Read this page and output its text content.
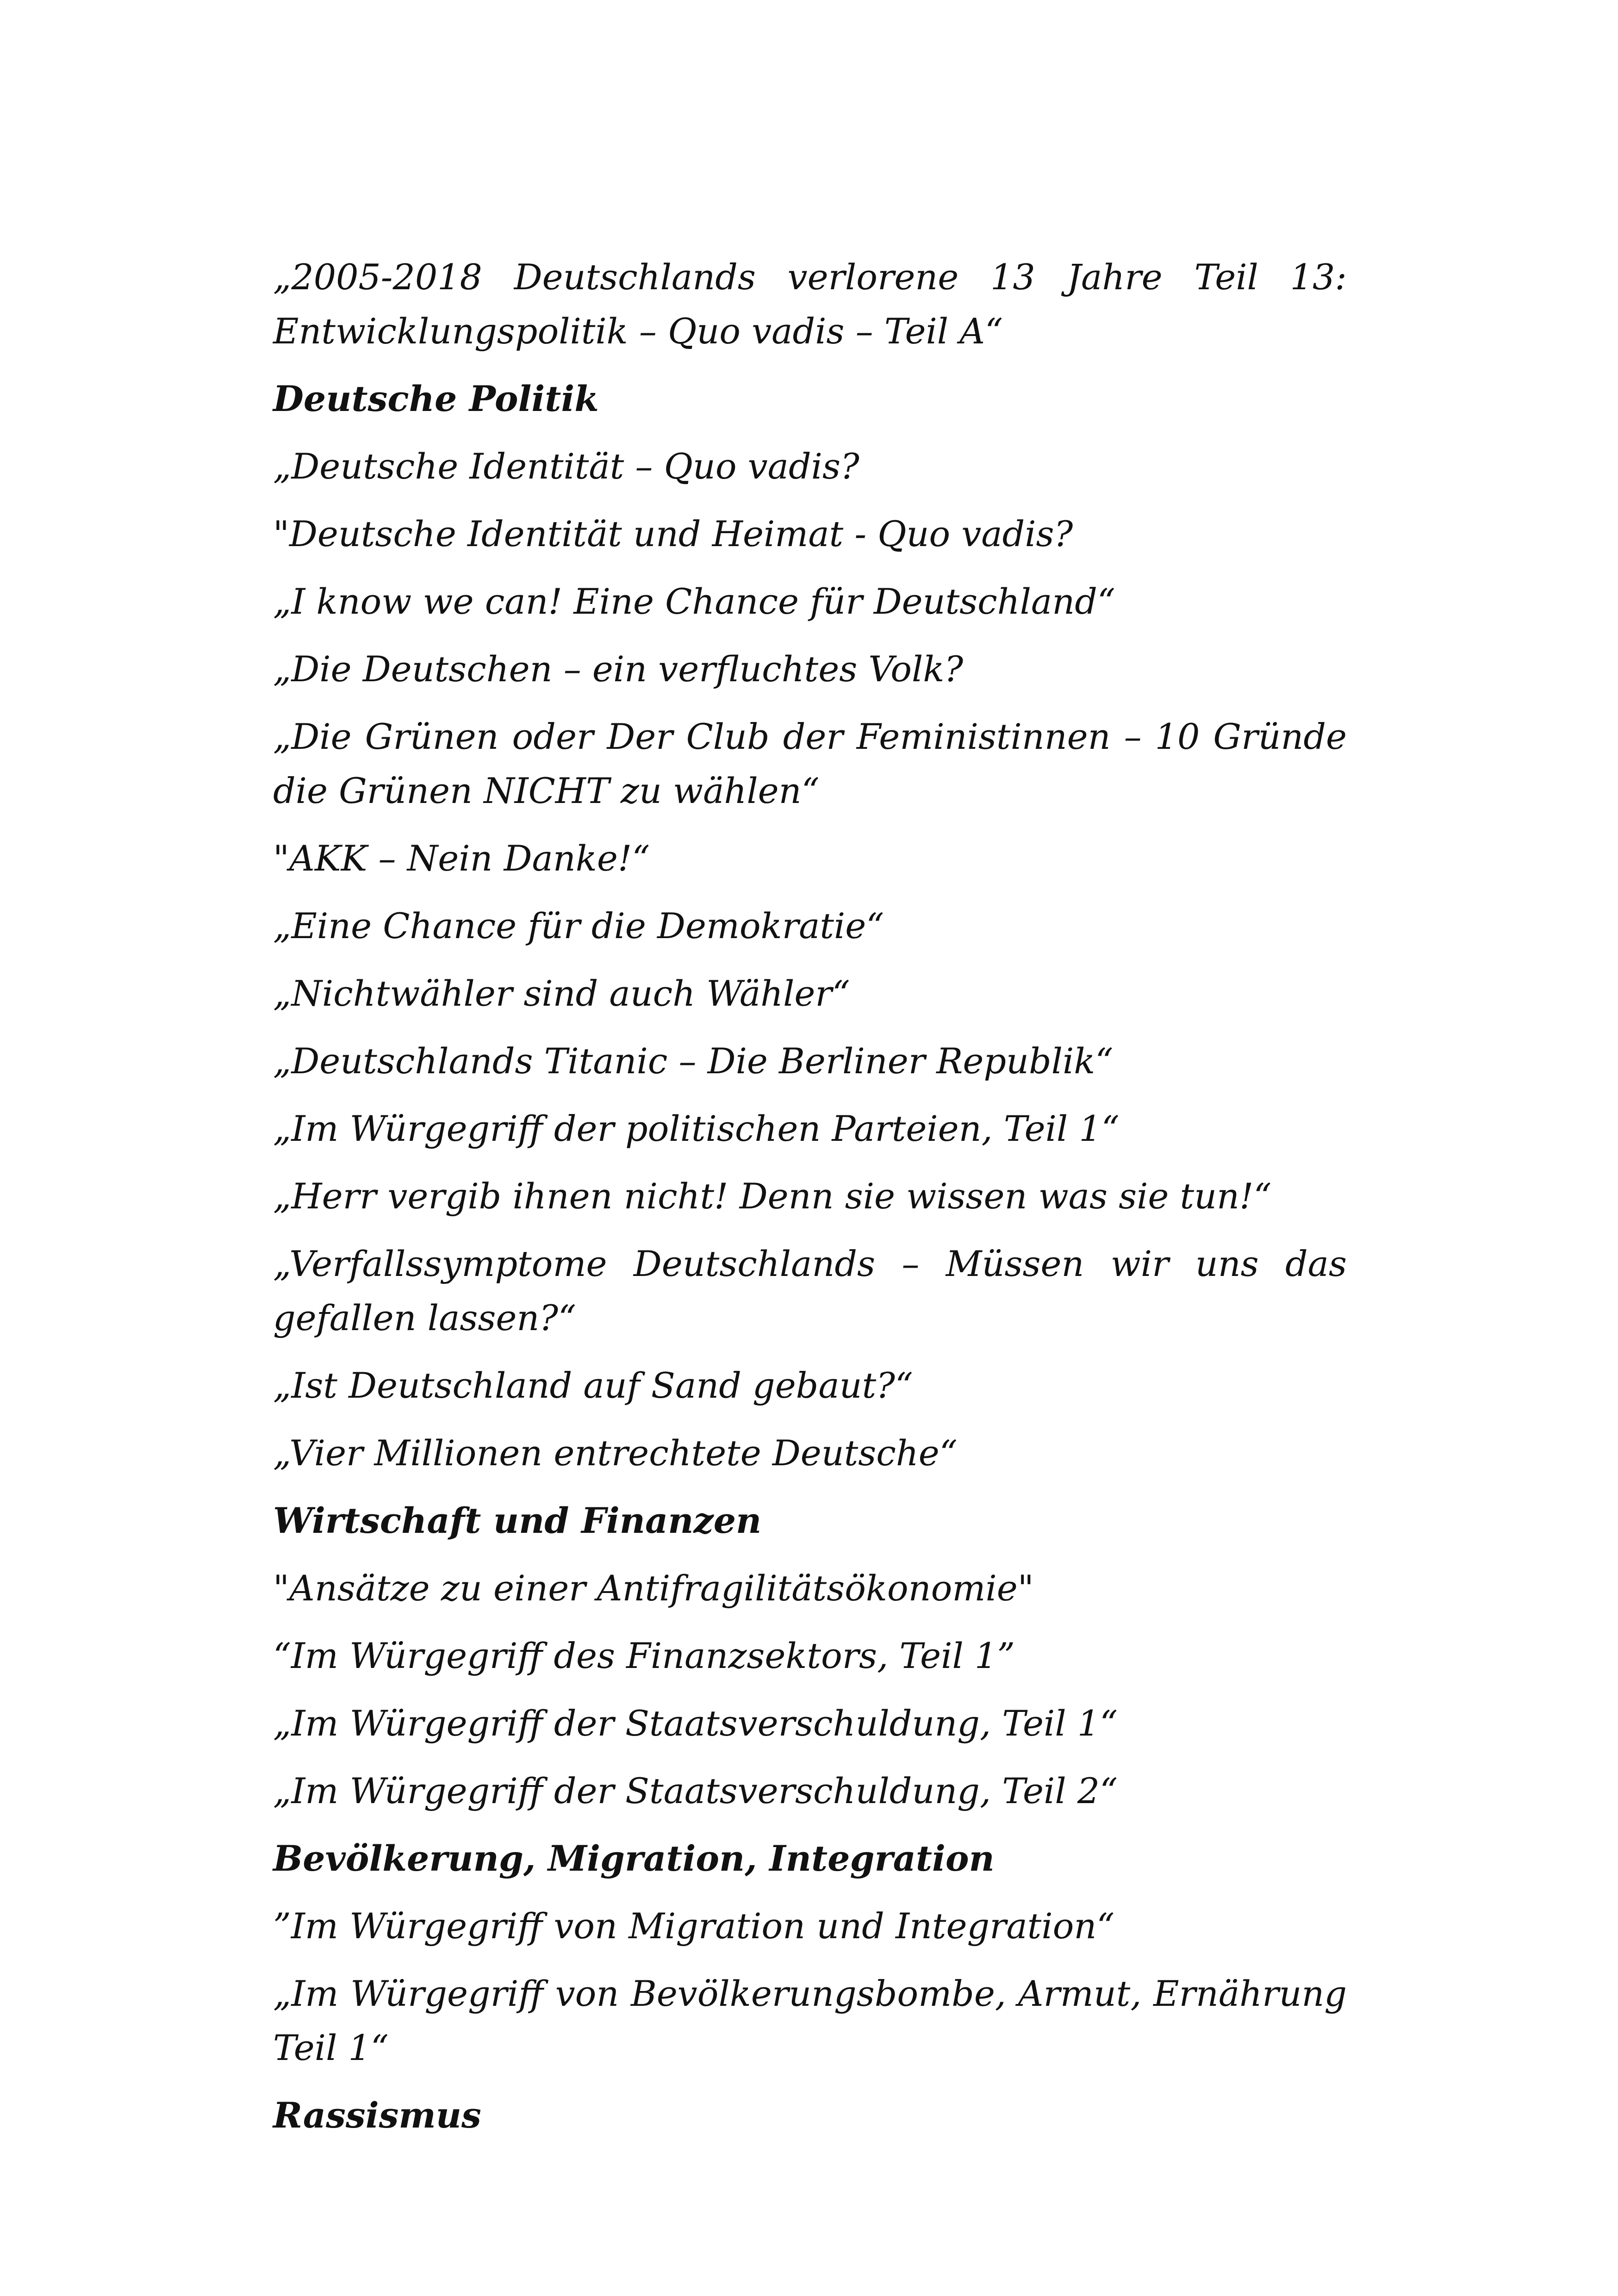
„2005-2018 Deutschlands verlorene 13 Jahre Teil 13: Entwicklungspolitik – Quo vadis – Teil A“

Deutsche Politik

„Deutsche Identität – Quo vadis?

"Deutsche Identität und Heimat - Quo vadis?

„I know we can! Eine Chance für Deutschland“

„Die Deutschen – ein verfluchtes Volk?

„Die Grünen oder Der Club der Feministinnen – 10 Gründe die Grünen NICHT zu wählen“

"AKK – Nein Danke!“

„Eine Chance für die Demokratie“

„Nichtwähler sind auch Wähler“

„Deutschlands Titanic – Die Berliner Republik“

„Im Würgegriff der politischen Parteien, Teil 1“

„Herr vergib ihnen nicht! Denn sie wissen was sie tun!“

„Verfallssymptome Deutschlands – Müssen wir uns das gefallen lassen?“

„Ist Deutschland auf Sand gebaut?“

„Vier Millionen entrechtete Deutsche“

Wirtschaft und Finanzen

"Ansätze zu einer Antifragilitätsökonomie"

“Im Würgegriff des Finanzsektors, Teil 1”

„Im Würgegriff der Staatsverschuldung, Teil 1“

„Im Würgegriff der Staatsverschuldung, Teil 2“

Bevölkerung, Migration, Integration

”Im Würgegriff von Migration und Integration“

„Im Würgegriff von Bevölkerungsbombe, Armut, Ernährung Teil 1“

Rassismus
